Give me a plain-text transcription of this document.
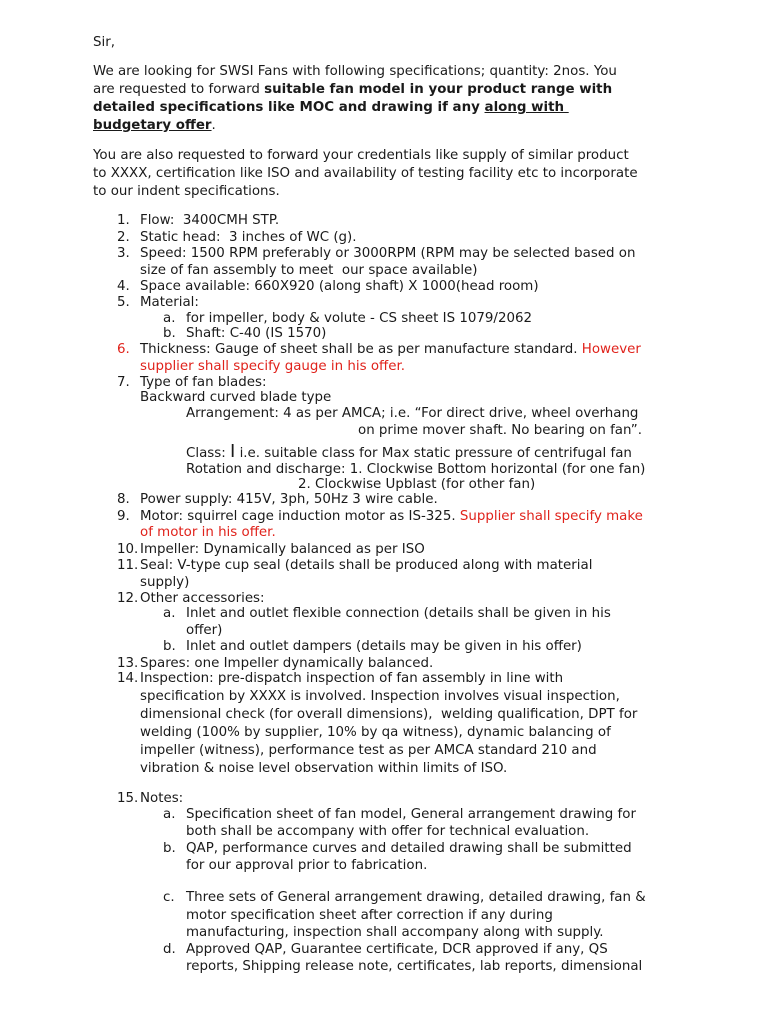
Sir,
We are looking for SWSI Fans with following specifications; quantity: 2nos. You
are requested to forward suitable fan model in your product range with
detailed specifications like MOC and drawing if any along with
budgetary offer.
You are also requested to forward your credentials like supply of similar product
to XXXX, certification like ISO and availability of testing facility etc to incorporate
to our indent specifications.
1. Flow:  3400CMH STP.
2. Static head:  3 inches of WC (g).
3. Speed: 1500 RPM preferably or 3000RPM (RPM may be selected based on
size of fan assembly to meet  our space available)
4. Space available: 660X920 (along shaft) X 1000(head room)
5. Material:
a. for impeller, body & volute - CS sheet IS 1079/2062
b. Shaft: C-40 (IS 1570)
6. Thickness: Gauge of sheet shall be as per manufacture standard. However
supplier shall specify gauge in his offer.
7. Type of fan blades:
Backward curved blade type
Arrangement: 4 as per AMCA; i.e. “For direct drive, wheel overhang
on prime mover shaft. No bearing on fan”.
Class: I i.e. suitable class for Max static pressure of centrifugal fan
Rotation and discharge: 1. Clockwise Bottom horizontal (for one fan)
2. Clockwise Upblast (for other fan)
8. Power supply: 415V, 3ph, 50Hz 3 wire cable.
9. Motor: squirrel cage induction motor as IS-325. Supplier shall specify make
of motor in his offer.
10. Impeller: Dynamically balanced as per ISO
11. Seal: V-type cup seal (details shall be produced along with material
supply)
12. Other accessories:
a. Inlet and outlet flexible connection (details shall be given in his
offer)
b. Inlet and outlet dampers (details may be given in his offer)
13. Spares: one Impeller dynamically balanced.
14. Inspection: pre-dispatch inspection of fan assembly in line with
specification by XXXX is involved. Inspection involves visual inspection,
dimensional check (for overall dimensions),  welding qualification, DPT for
welding (100% by supplier, 10% by qa witness), dynamic balancing of
impeller (witness), performance test as per AMCA standard 210 and
vibration & noise level observation within limits of ISO.
15. Notes:
a. Specification sheet of fan model, General arrangement drawing for
both shall be accompany with offer for technical evaluation.
b. QAP, performance curves and detailed drawing shall be submitted
for our approval prior to fabrication.
c. Three sets of General arrangement drawing, detailed drawing, fan &
motor specification sheet after correction if any during
manufacturing, inspection shall accompany along with supply.
d. Approved QAP, Guarantee certificate, DCR approved if any, QS
reports, Shipping release note, certificates, lab reports, dimensional
